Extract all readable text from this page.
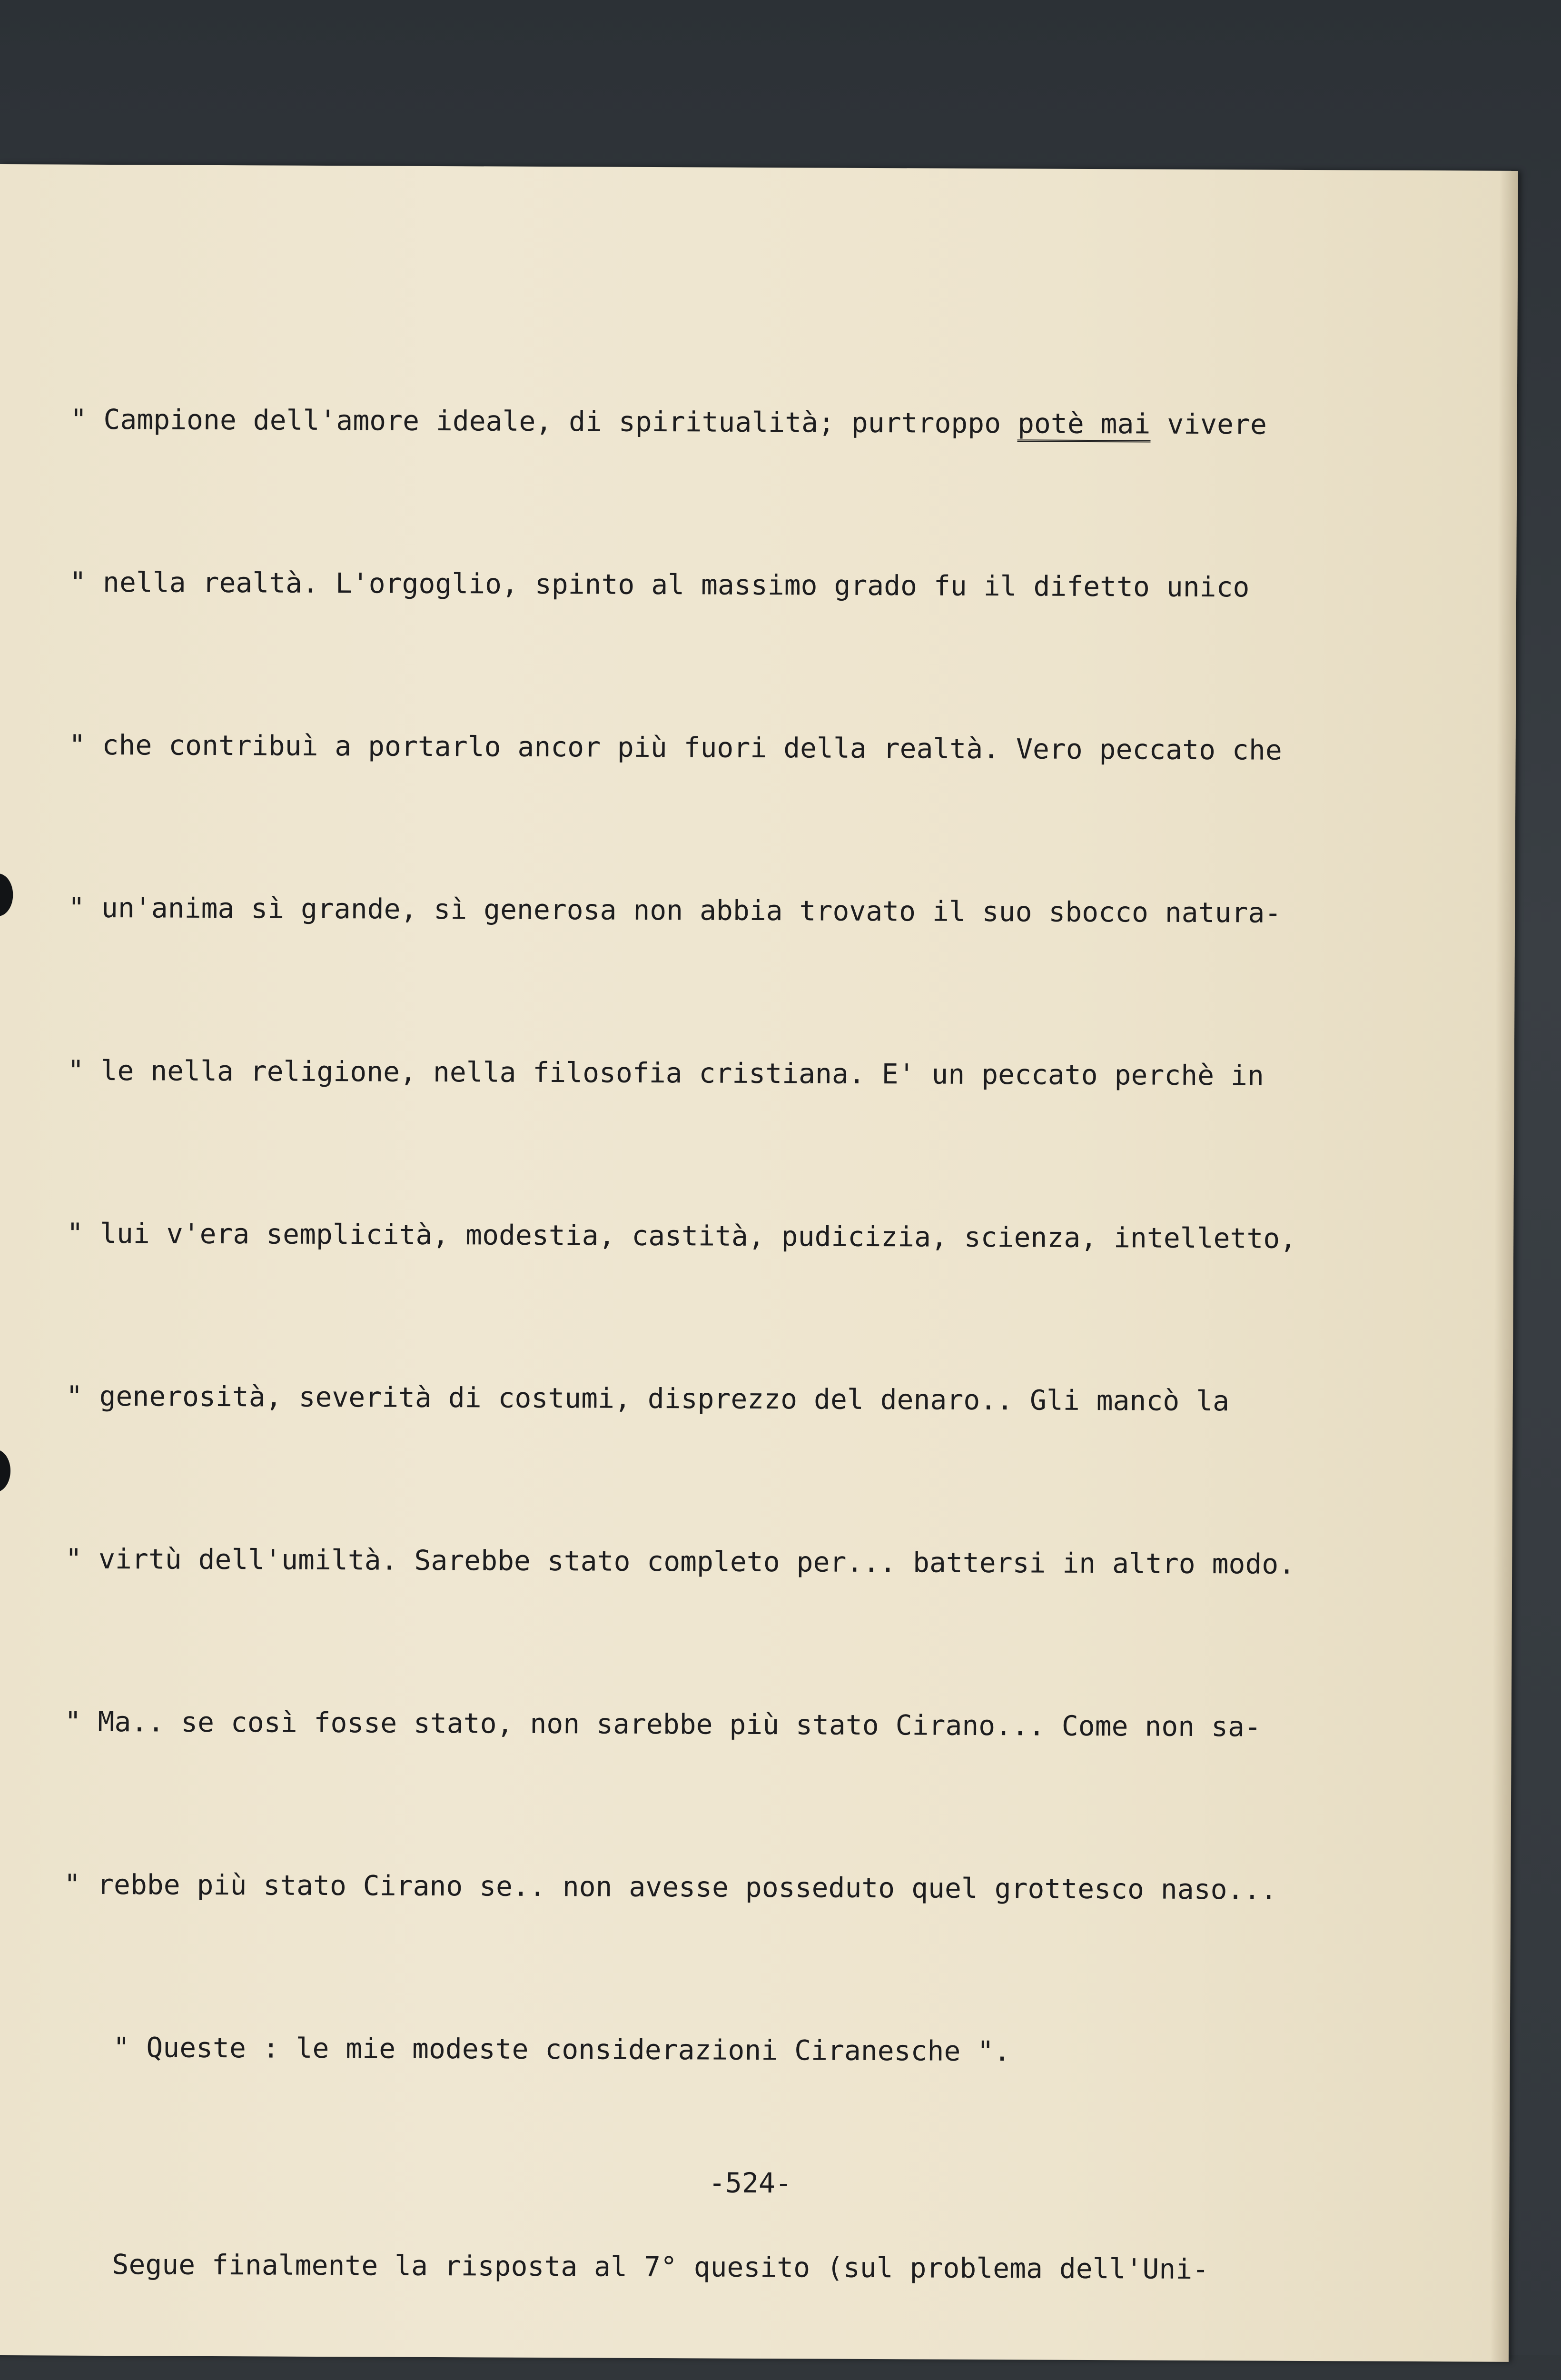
" Campione dell'amore ideale, di spiritualità; purtroppo potè mai vivere

" nella realtà. L'orgoglio, spinto al massimo grado fu il difetto unico

" che contribuì a portarlo ancor più fuori della realtà. Vero peccato che

" un'anima sì grande, sì generosa non abbia trovato il suo sbocco natura-

" le nella religione, nella filosofia cristiana. E' un peccato perchè in

" lui v'era semplicità, modestia, castità, pudicizia, scienza, intelletto,

" generosità, severità di costumi, disprezzo del denaro.. Gli mancò la

" virtù dell'umiltà. Sarebbe stato completo per... battersi in altro modo.

" Ma.. se così fosse stato, non sarebbe più stato Cirano... Come non sa-

" rebbe più stato Cirano se.. non avesse posseduto quel grottesco naso...

" Queste : le mie modeste considerazioni Ciranesche ".

Segue finalmente la risposta al 7° quesito (sul problema dell'Uni-

-524-
